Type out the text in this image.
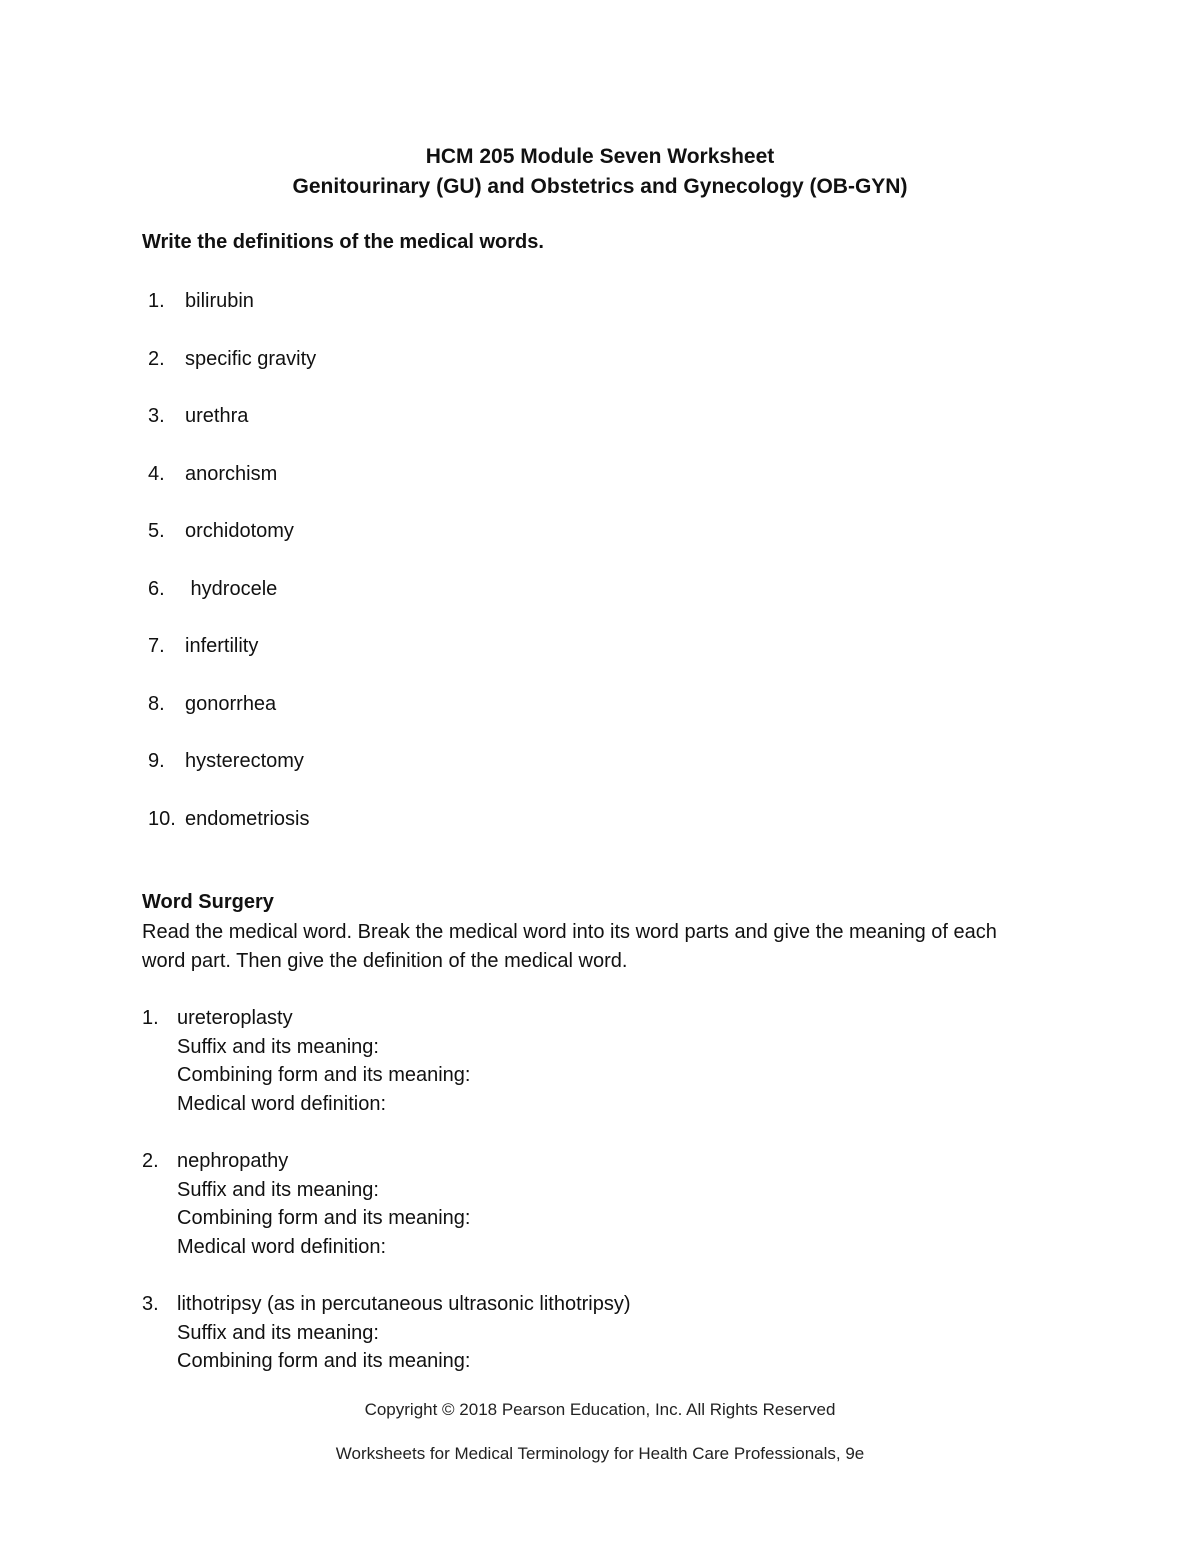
HCM 205 Module Seven Worksheet
Genitourinary (GU) and Obstetrics and Gynecology (OB-GYN)
Write the definitions of the medical words.
1.	bilirubin
2.	specific gravity
3.	urethra
4.	anorchism
5.	orchidotomy
6.	hydrocele
7.	infertility
8.	gonorrhea
9.	hysterectomy
10. endometriosis
Word Surgery
Read the medical word. Break the medical word into its word parts and give the meaning of each word part. Then give the definition of the medical word.
1. ureteroplasty
Suffix and its meaning:
Combining form and its meaning:
Medical word definition:
2. nephropathy
Suffix and its meaning:
Combining form and its meaning:
Medical word definition:
3. lithotripsy (as in percutaneous ultrasonic lithotripsy)
Suffix and its meaning:
Combining form and its meaning:
Copyright © 2018 Pearson Education, Inc. All Rights Reserved
Worksheets for Medical Terminology for Health Care Professionals, 9e
